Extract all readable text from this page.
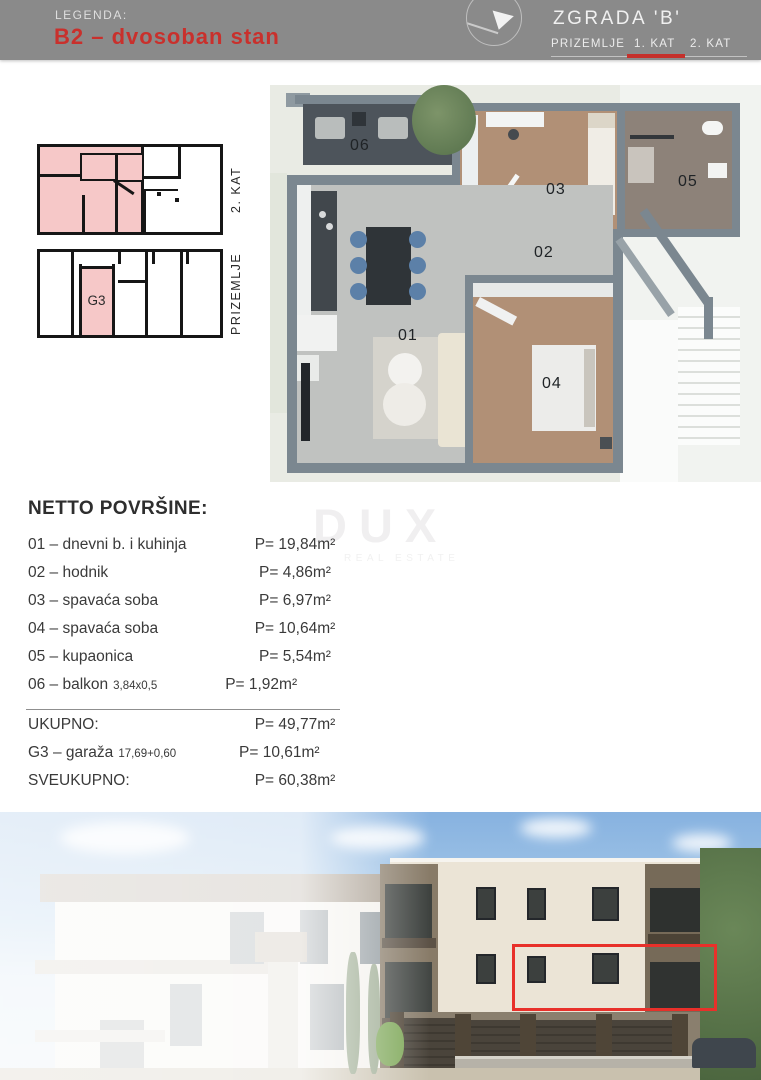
LEGENDA:
B2 – dvosoban stan
ZGRADA 'B'
PRIZEMLJE 1. KAT 2. KAT
2. KAT
G3	PRIZEMLJE
01
02
03
04
05
06
DUX
REAL ESTATE
NETTO POVRŠINE:
01 – dnevni b. i kuhinja	P= 19,84m²
02 – hodnik	P= 4,86m²
03 – spavaća soba	P= 6,97m²
04 – spavaća soba	P= 10,64m²
05 – kupaonica	P= 5,54m²
06 – balkon 3,84x0,5	P= 1,92m²
UKUPNO:	P= 49,77m²
G3 – garaža 17,69+0,60	P= 10,61m²
SVEUKUPNO:	P= 60,38m²
